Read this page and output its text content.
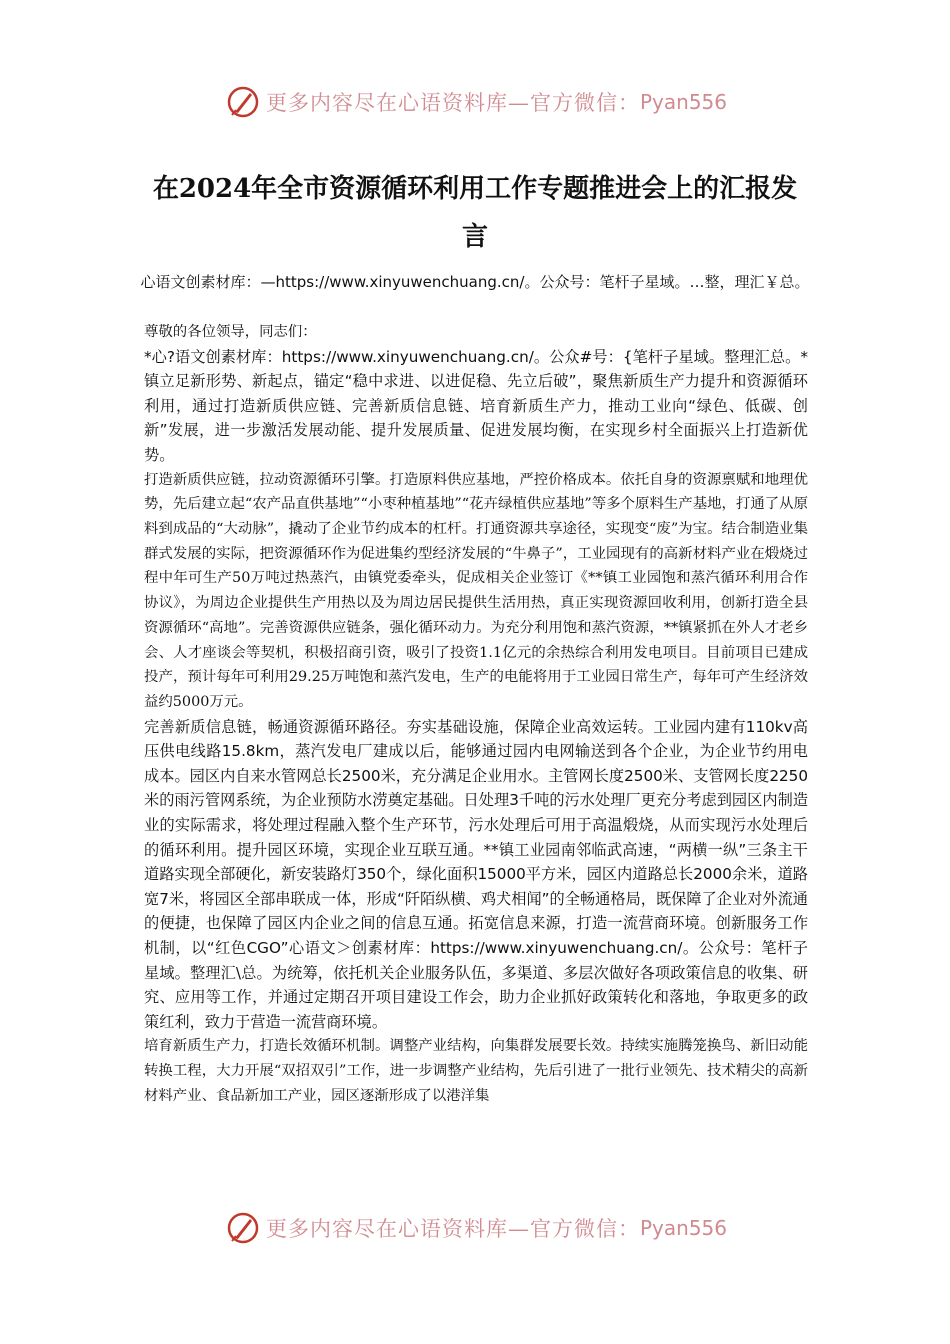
更多内容尽在心语资料库—官方微信： Pyan556
在2024年全市资源循环利用工作专题推进会上的汇报发言
心语文创素材库：—https://www.xinyuwenchuang.cn/。公众号：笔杆子星域。…整，理汇￥总。

尊敬的各位领导，同志们：

*心?语文创素材库：https://www.xinyuwenchuang.cn/。公众#号：{笔杆子星域。整理汇总。*镇立足新形势、新起点，锚定“稳中求进、以进促稳、先立后破”，聚焦新质生产力提升和资源循环利用，通过打造新质供应链、完善新质信息链、培育新质生产力，推动工业向“绿色、低碳、创新”发展，进一步激活发展动能、提升发展质量、促进发展均衡，在实现乡村全面振兴上打造新优势。

打造新质供应链，拉动资源循环引擎。打造原料供应基地，严控价格成本。依托自身的资源禀赋和地理优势，先后建立起“农产品直供基地”“小枣种植基地”“花卉绿植供应基地”等多个原料生产基地，打通了从原料到成品的“大动脉”，撬动了企业节约成本的杠杆。打通资源共享途径，实现变“废”为宝。结合制造业集群式发展的实际，把资源循环作为促进集约型经济发展的“牛鼻子”，工业园现有的高新材料产业在煅烧过程中年可生产50万吨过热蒸汽，由镇党委牵头，促成相关企业签订《**镇工业园饱和蒸汽循环利用合作协议》，为周边企业提供生产用热以及为周边居民提供生活用热，真正实现资源回收利用，创新打造全县资源循环“高地”。完善资源供应链条，强化循环动力。为充分利用饱和蒸汽资源，**镇紧抓在外人才老乡会、人才座谈会等契机，积极招商引资，吸引了投资1.1亿元的余热综合利用发电项目。目前项目已建成投产，预计每年可利用29.25万吨饱和蒸汽发电，生产的电能将用于工业园日常生产，每年可产生经济效益约5000万元。

完善新质信息链，畅通资源循环路径。夯实基础设施，保障企业高效运转。工业园内建有110kv高压供电线路15.8km，蒸汽发电厂建成以后，能够通过园内电网输送到各个企业，为企业节约用电成本。园区内自来水管网总长2500米，充分满足企业用水。主管网长度2500米、支管网长度2250米的雨污管网系统，为企业预防水涝奠定基础。日处理3千吨的污水处理厂更充分考虑到园区内制造业的实际需求，将处理过程融入整个生产环节，污水处理后可用于高温煅烧，从而实现污水处理后的循环利用。提升园区环境，实现企业互联互通。**镇工业园南邻临武高速，“两横一纵”三条主干道路实现全部硬化，新安装路灯350个，绿化面积15000平方米，园区内道路总长2000余米，道路宽7米，将园区全部串联成一体，形成“阡陌纵横、鸡犬相闻”的全畅通格局，既保障了企业对外流通的便捷，也保障了园区内企业之间的信息互通。拓宽信息来源，打造一流营商环境。创新服务工作机制，以“红色CGO”心语文＞创素材库：https://www.xinyuwenchuang.cn/。公众号：笔杆子星域。整理汇\总。为统筹，依托机关企业服务队伍，多渠道、多层次做好各项政策信息的收集、研究、应用等工作，并通过定期召开项目建设工作会，助力企业抓好政策转化和落地，争取更多的政策红利，致力于营造一流营商环境。

培育新质生产力，打造长效循环机制。调整产业结构，向集群发展要长效。持续实施腾笼换鸟、新旧动能转换工程，大力开展“双招双引”工作，进一步调整产业结构，先后引进了一批行业领先、技术精尖的高新材料产业、食品新加工产业，园区逐渐形成了以港洋集

更多内容尽在心语资料库—官方微信： Pyan556
